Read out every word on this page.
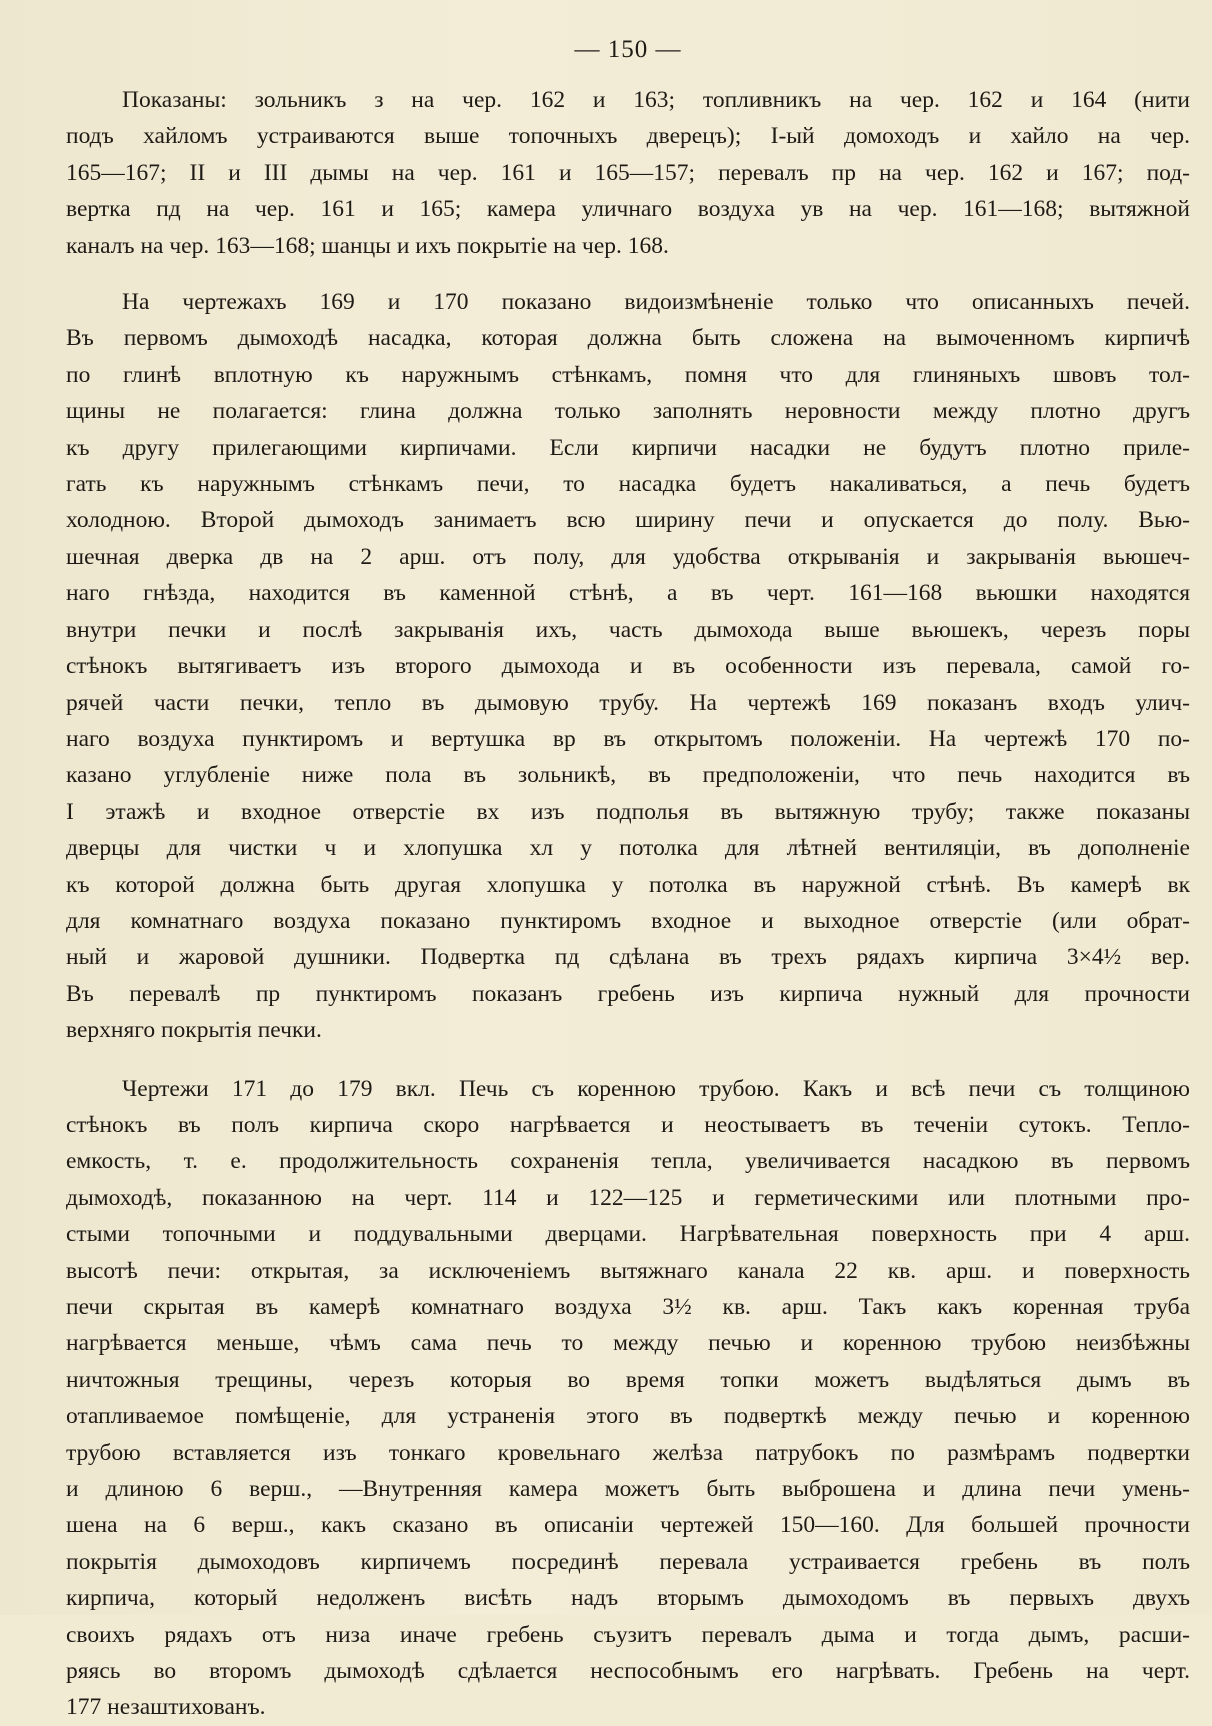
— 150 —
Показаны: зольникъ з на чер. 162 и 163; топливникъ на чер. 162 и 164 (нити
подъ хайломъ устраиваются выше топочныхъ дверецъ); I-ый домоходъ и хайло на чер.
165—167; II и III дымы на чер. 161 и 165—157; перевалъ пр на чер. 162 и 167; под-
вертка пд на чер. 161 и 165; камера уличнаго воздуха ув на чер. 161—168; вытяжной
каналъ на чер. 163—168; шанцы и ихъ покрытіе на чер. 168.
На чертежахъ 169 и 170 показано видоизмѣненіе только что описанныхъ печей.
Въ первомъ дымоходѣ насадка, которая должна быть сложена на вымоченномъ кирпичѣ
по глинѣ вплотную къ наружнымъ стѣнкамъ, помня что для глиняныхъ швовъ тол-
щины не полагается: глина должна только заполнять неровности между плотно другъ
къ другу прилегающими кирпичами. Если кирпичи насадки не будутъ плотно приле-
гать къ наружнымъ стѣнкамъ печи, то насадка будетъ накаливаться, а печь будетъ
холодною. Второй дымоходъ занимаетъ всю ширину печи и опускается до полу. Вью-
шечная дверка дв на 2 арш. отъ полу, для удобства открыванія и закрыванія вьюшеч-
наго гнѣзда, находится въ каменной стѣнѣ, а въ черт. 161—168 вьюшки находятся
внутри печки и послѣ закрыванія ихъ, часть дымохода выше вьюшекъ, черезъ поры
стѣнокъ вытягиваетъ изъ второго дымохода и въ особенности изъ перевала, самой го-
рячей части печки, тепло въ дымовую трубу. На чертежѣ 169 показанъ входъ улич-
наго воздуха пунктиромъ и вертушка вр въ открытомъ положеніи. На чертежѣ 170 по-
казано углубленіе ниже пола въ зольникѣ, въ предположеніи, что печь находится въ
I этажѣ и входное отверстіе вх изъ подполья въ вытяжную трубу; также показаны
дверцы для чистки ч и хлопушка хл у потолка для лѣтней вентиляціи, въ дополненіе
къ которой должна быть другая хлопушка у потолка въ наружной стѣнѣ. Въ камерѣ вк
для комнатнаго воздуха показано пунктиромъ входное и выходное отверстіе (или обрат-
ный и жаровой душники. Подвертка пд сдѣлана въ трехъ рядахъ кирпича 3×4½ вер.
Въ перевалѣ пр пунктиромъ показанъ гребень изъ кирпича нужный для прочности
верхняго покрытія печки.
Чертежи 171 до 179 вкл. Печь съ коренною трубою. Какъ и всѣ печи съ толщиною
стѣнокъ въ полъ кирпича скоро нагрѣвается и неостываетъ въ теченіи сутокъ. Тепло-
емкость, т. е. продолжительность сохраненія тепла, увеличивается насадкою въ первомъ
дымоходѣ, показанною на черт. 114 и 122—125 и герметическими или плотными про-
стыми топочными и поддувальными дверцами. Нагрѣвательная поверхность при 4 арш.
высотѣ печи: открытая, за исключеніемъ вытяжнаго канала 22 кв. арш. и поверхность
печи скрытая въ камерѣ комнатнаго воздуха 3½ кв. арш. Такъ какъ коренная труба
нагрѣвается меньше, чѣмъ сама печь то между печью и коренною трубою неизбѣжны
ничтожныя трещины, черезъ которыя во время топки можетъ выдѣляться дымъ въ
отапливаемое помѣщеніе, для устраненія этого въ подверткѣ между печью и коренною
трубою вставляется изъ тонкаго кровельнаго желѣза патрубокъ по размѣрамъ подвертки
и длиною 6 верш., —Внутренняя камера можетъ быть выброшена и длина печи умень-
шена на 6 верш., какъ сказано въ описаніи чертежей 150—160. Для большей прочности
покрытія дымоходовъ кирпичемъ посрединѣ перевала устраивается гребень въ полъ
кирпича, который недолженъ висѣть надъ вторымъ дымоходомъ въ первыхъ двухъ
своихъ рядахъ отъ низа иначе гребень съузитъ перевалъ дыма и тогда дымъ, расши-
ряясь во второмъ дымоходѣ сдѣлается неспособнымъ его нагрѣвать. Гребень на черт.
177 незаштихованъ.
